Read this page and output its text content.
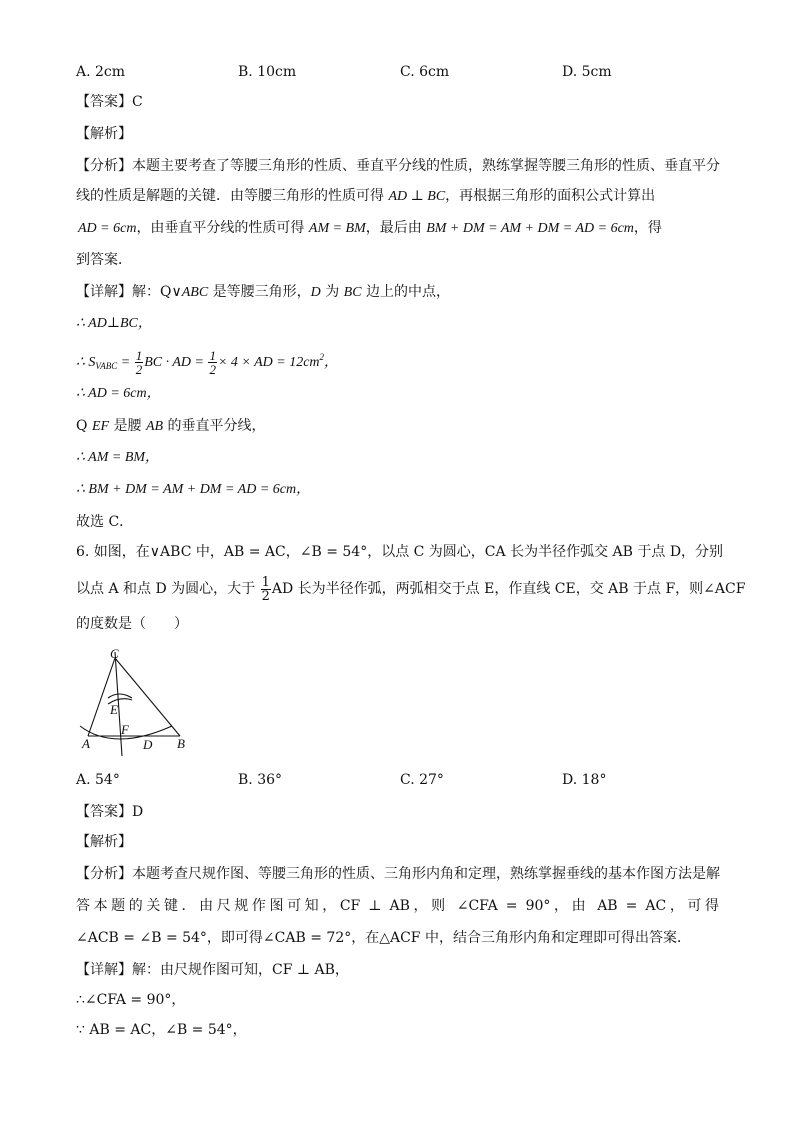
A. 2cm	B. 10cm	C. 6cm	D. 5cm
【答案】C
【解析】
【分析】本题主要考查了等腰三角形的性质、垂直平分线的性质，熟练掌握等腰三角形的性质、垂直平分
线的性质是解题的关键．由等腰三角形的性质可得 AD ⊥ BC，再根据三角形的面积公式计算出
AD = 6cm，由垂直平分线的性质可得 AM = BM，最后由 BM + DM = AM + DM = AD = 6cm，得
到答案．
【详解】解：Q∨ABC 是等腰三角形，D 为 BC 边上的中点，
∴ AD⊥BC，
∴ $S_{VABC} = \frac{1}{2}$ BC · AD = $\frac{1}{2} \times 4$ × AD = $12cm^2$，
∴ AD = 6cm，
Q EF 是腰 AB 的垂直平分线，
∴ AM = BM，
∴ BM + DM = AM + DM = AD = 6cm，
故选 C．
6. 如图，在∨ABC 中，AB = AC，∠B = 54°，以点 C 为圆心，CA 长为半径作弧交 AB 于点 D，分别
以点 A 和点 D 为圆心，大于 $\frac{1}{2}$ AD 长为半径作弧，两弧相交于点 E，作直线 CE，交 AB 于点 F，则∠ACF
的度数是（　　）
C
E
F
A	D B
A. 54°	B. 36°	C. 27°	D. 18°
【答案】D
【解析】
【分析】本题考查尺规作图、等腰三角形的性质、三角形内角和定理，熟练掌握垂线的基本作图方法是解
答本题的关键．由尺规作图可知，CF ⊥ AB，则 ∠CFA = 90°，由 AB = AC，可得
∠ACB = ∠B = 54°，即可得∠CAB = 72°，在△ACF 中，结合三角形内角和定理即可得出答案．
【详解】解：由尺规作图可知，CF ⊥ AB，
∴∠CFA = 90°，
∵ AB = AC，∠B = 54°，
